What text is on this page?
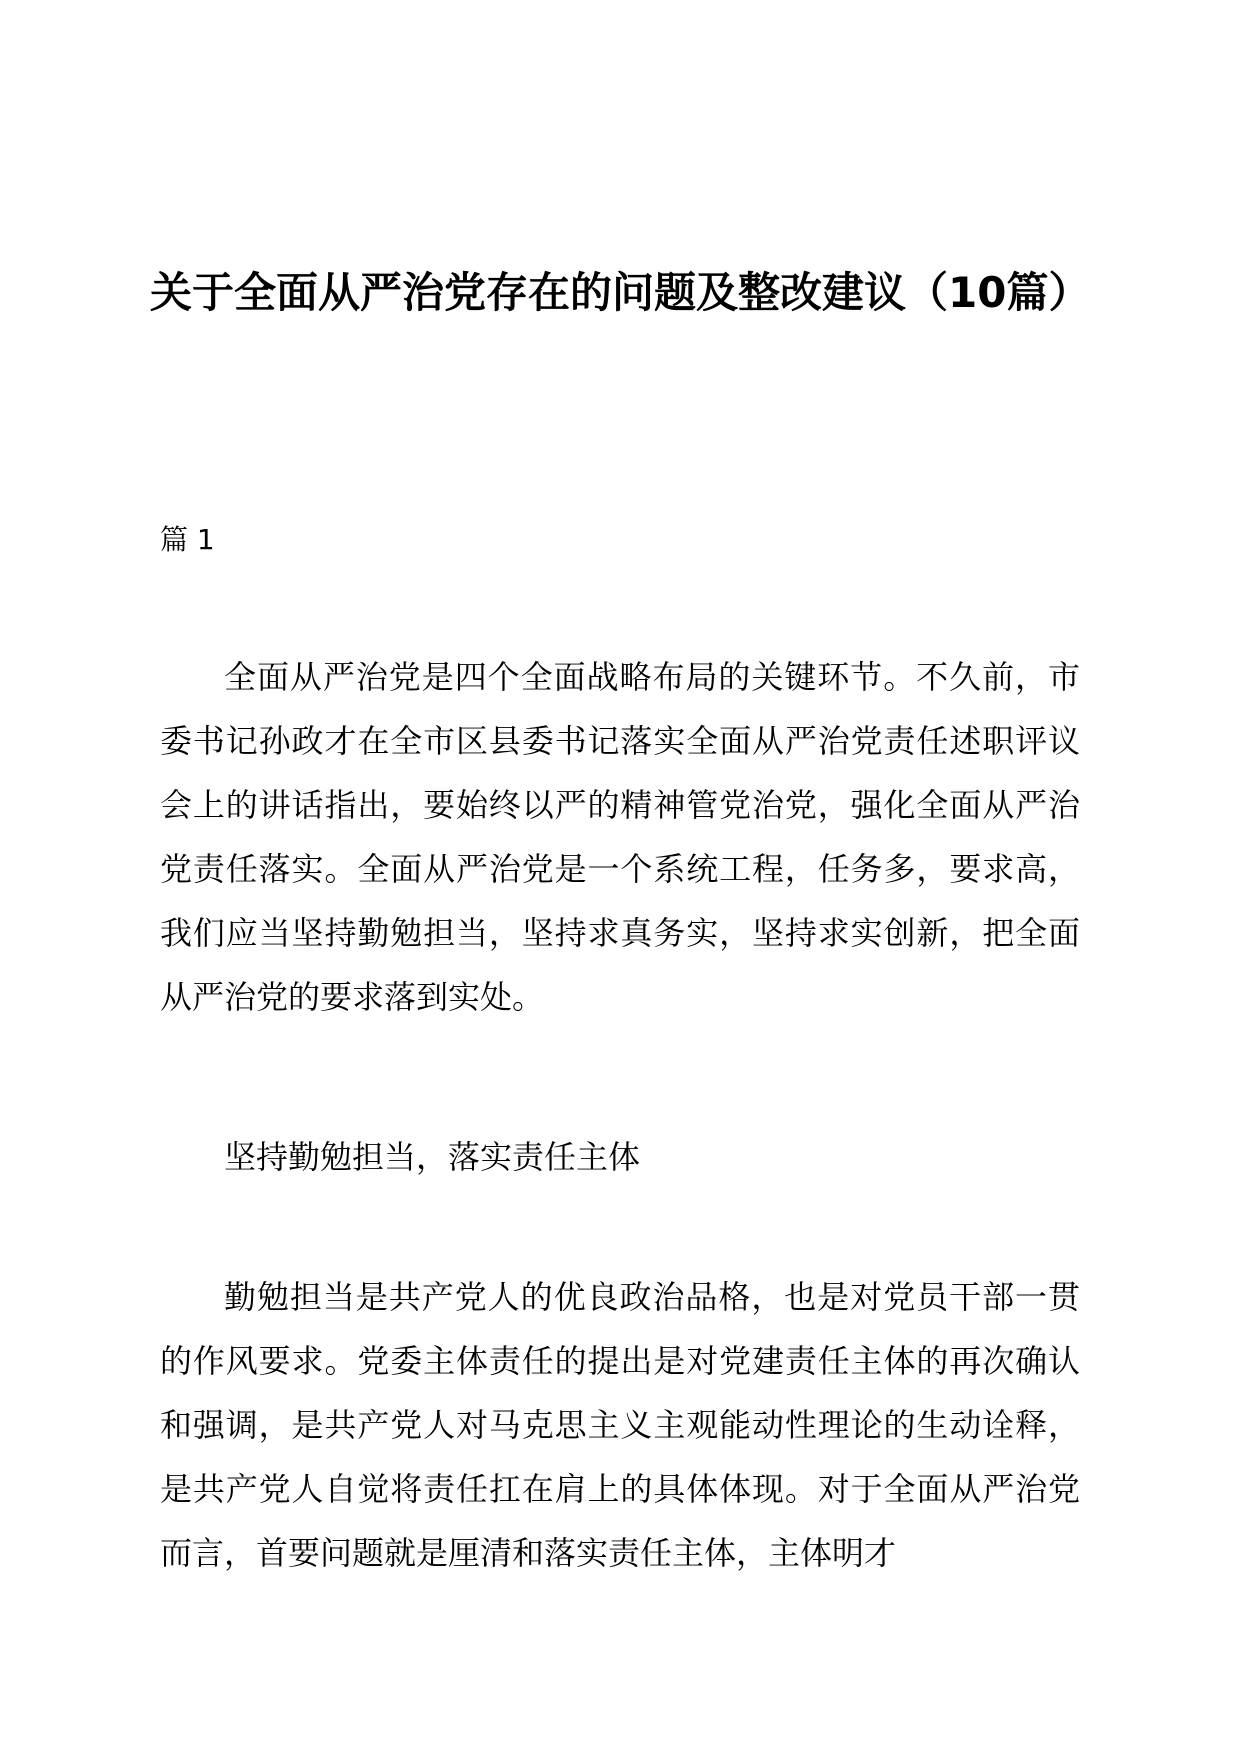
关于全面从严治党存在的问题及整改建议（10篇）

篇 1

全面从严治党是四个全面战略布局的关键环节。不久前，市委书记孙政才在全市区县委书记落实全面从严治党责任述职评议会上的讲话指出，要始终以严的精神管党治党，强化全面从严治党责任落实。全面从严治党是一个系统工程，任务多，要求高，我们应当坚持勤勉担当，坚持求真务实，坚持求实创新，把全面从严治党的要求落到实处。

坚持勤勉担当，落实责任主体

勤勉担当是共产党人的优良政治品格，也是对党员干部一贯的作风要求。党委主体责任的提出是对党建责任主体的再次确认和强调，是共产党人对马克思主义主观能动性理论的生动诠释，是共产党人自觉将责任扛在肩上的具体体现。对于全面从严治党而言，首要问题就是厘清和落实责任主体，主体明才
